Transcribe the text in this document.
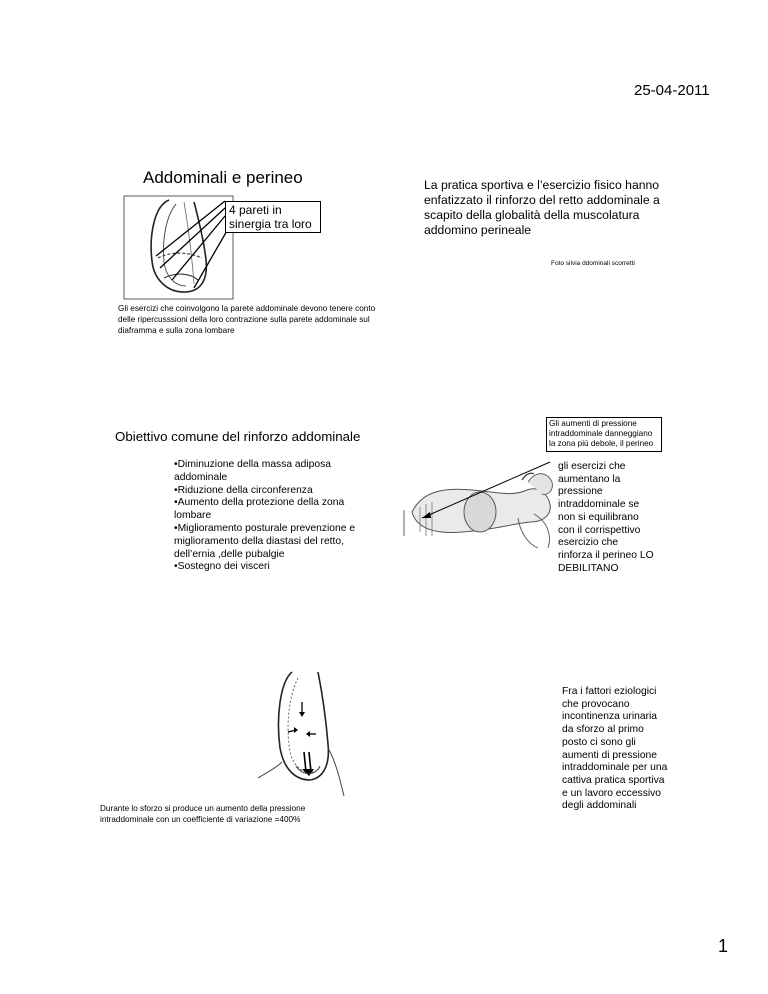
25-04-2011
1
Addominali e perineo
4 pareti in sinergia tra loro
Gli esercizi che coinvolgono la parete addominale devono tenere conto delle ripercusssioni della loro contrazione sulla parete addominale sul diaframma e sulla zona lombare
La pratica sportiva e l’esercizio fisico hanno enfatizzato il rinforzo del retto addominale a scapito della globalità della muscolatura addomino perineale
Foto silvia ddominali scorretti
Obiettivo comune del rinforzo addominale
•Diminuzione della massa adiposa addominale
•Riduzione della circonferenza
•Aumento della protezione della zona lombare
•Miglioramento posturale prevenzione e miglioramento della diastasi del retto, dell’ernia ,delle pubalgie
•Sostegno dei visceri
Gli aumenti di pressione intraddominale danneggiano la zona più debole, il perineo
gli esercizi che aumentano la pressione intraddominale se non si equilibrano con il corrispettivo esercizio che rinforza il perineo LO DEBILITANO
Durante lo sforzo si produce un aumento della pressione intraddominale con un coefficiente di variazione =400%
Fra i fattori eziologici che provocano incontinenza urinaria da sforzo al primo posto ci sono gli aumenti di pressione intraddominale per una cattiva pratica sportiva e un lavoro eccessivo degli addominali
